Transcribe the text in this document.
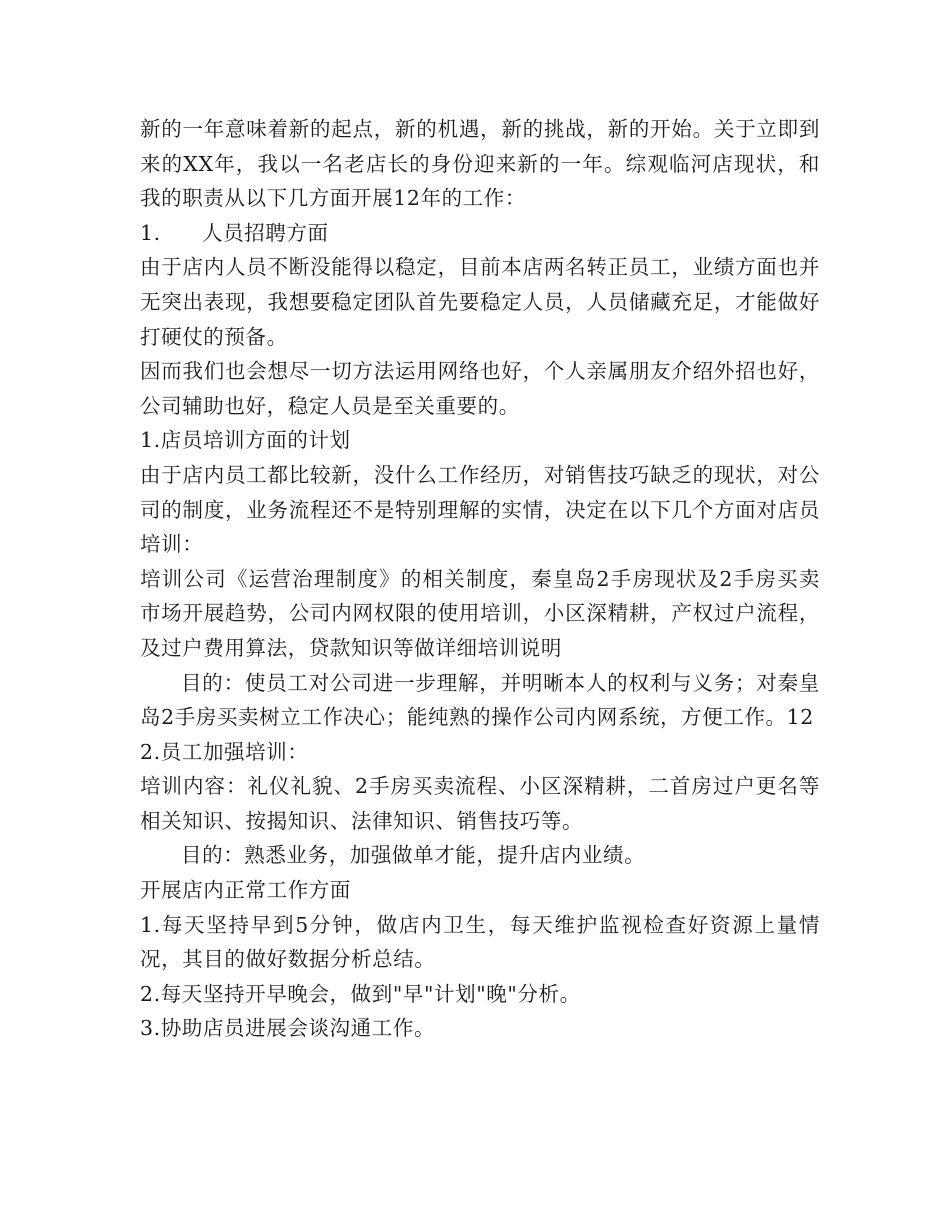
新的一年意味着新的起点，新的机遇，新的挑战，新的开始。关于立即到来的XX年，我以一名老店长的身份迎来新的一年。综观临河店现状，和我的职责从以下几方面开展12年的工作：

1. 人员招聘方面

由于店内人员不断没能得以稳定，目前本店两名转正员工，业绩方面也并无突出表现，我想要稳定团队首先要稳定人员，人员储藏充足，才能做好打硬仗的预备。

因而我们也会想尽一切方法运用网络也好，个人亲属朋友介绍外招也好，公司辅助也好，稳定人员是至关重要的。

1.店员培训方面的计划

由于店内员工都比较新，没什么工作经历，对销售技巧缺乏的现状，对公司的制度，业务流程还不是特别理解的实情，决定在以下几个方面对店员培训：

培训公司《运营治理制度》的相关制度，秦皇岛2手房现状及2手房买卖市场开展趋势，公司内网权限的使用培训，小区深精耕，产权过户流程，及过户费用算法，贷款知识等做详细培训说明

目的：使员工对公司进一步理解，并明晰本人的权利与义务；对秦皇岛2手房买卖树立工作决心；能纯熟的操作公司内网系统，方便工作。12

2.员工加强培训：

培训内容：礼仪礼貌、2手房买卖流程、小区深精耕，二首房过户更名等相关知识、按揭知识、法律知识、销售技巧等。

目的：熟悉业务，加强做单才能，提升店内业绩。

开展店内正常工作方面

1.每天坚持早到5分钟，做店内卫生，每天维护监视检查好资源上量情况，其目的做好数据分析总结。

2.每天坚持开早晚会，做到"早"计划"晚"分析。

3.协助店员进展会谈沟通工作。
